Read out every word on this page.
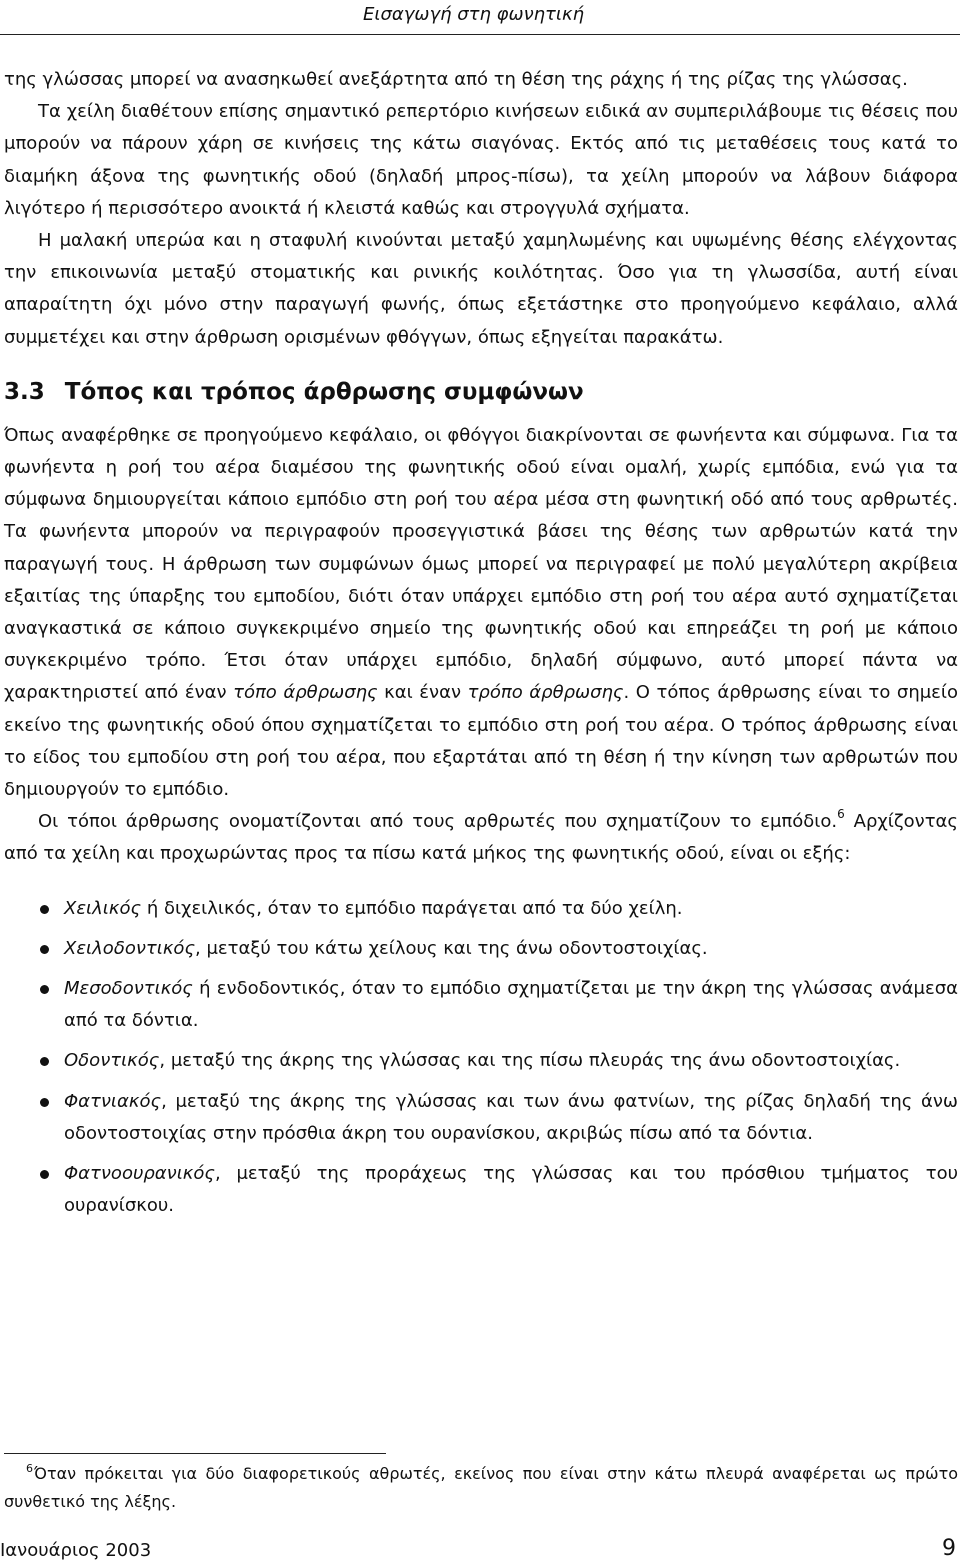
Εισαγωγή στη φωνητική

της γλώσσας μπορεί να ανασηκωθεί ανεξάρτητα από τη θέση της ράχης ή της ρίζας της γλώσσας.

Τα χείλη διαθέτουν επίσης σημαντικό ρεπερτόριο κινήσεων ειδικά αν συμπεριλάβουμε τις θέσεις που μπορούν να πάρουν χάρη σε κινήσεις της κάτω σιαγόνας. Εκτός από τις μεταθέσεις τους κατά το διαμήκη άξονα της φωνητικής οδού (δηλαδή μπρος-πίσω), τα χείλη μπορούν να λάβουν διάφορα λιγότερο ή περισσότερο ανοικτά ή κλειστά καθώς και στρογγυλά σχήματα.

Η μαλακή υπερώα και η σταφυλή κινούνται μεταξύ χαμηλωμένης και υψωμένης θέσης ελέγχοντας την επικοινωνία μεταξύ στοματικής και ρινικής κοιλότητας. Όσο για τη γλωσσίδα, αυτή είναι απαραίτητη όχι μόνο στην παραγωγή φωνής, όπως εξετάστηκε στο προηγούμενο κεφάλαιο, αλλά συμμετέχει και στην άρθρωση ορισμένων φθόγγων, όπως εξηγείται παρακάτω.

3.3 Τόπος και τρόπος άρθρωσης συμφώνων

Όπως αναφέρθηκε σε προηγούμενο κεφάλαιο, οι φθόγγοι διακρίνονται σε φωνήεντα και σύμφωνα. Για τα φωνήεντα η ροή του αέρα διαμέσου της φωνητικής οδού είναι ομαλή, χωρίς εμπόδια, ενώ για τα σύμφωνα δημιουργείται κάποιο εμπόδιο στη ροή του αέρα μέσα στη φωνητική οδό από τους αρθρωτές. Τα φωνήεντα μπορούν να περιγραφούν προσεγγιστικά βάσει της θέσης των αρθρωτών κατά την παραγωγή τους. Η άρθρωση των συμφώνων όμως μπορεί να περιγραφεί με πολύ μεγαλύτερη ακρίβεια εξαιτίας της ύπαρξης του εμποδίου, διότι όταν υπάρχει εμπόδιο στη ροή του αέρα αυτό σχηματίζεται αναγκαστικά σε κάποιο συγκεκριμένο σημείο της φωνητικής οδού και επηρεάζει τη ροή με κάποιο συγκεκριμένο τρόπο. Έτσι όταν υπάρχει εμπόδιο, δηλαδή σύμφωνο, αυτό μπορεί πάντα να χαρακτηριστεί από έναν τόπο άρθρωσης και έναν τρόπο άρθρωσης. Ο τόπος άρθρωσης είναι το σημείο εκείνο της φωνητικής οδού όπου σχηματίζεται το εμπόδιο στη ροή του αέρα. Ο τρόπος άρθρωσης είναι το είδος του εμποδίου στη ροή του αέρα, που εξαρτάται από τη θέση ή την κίνηση των αρθρωτών που δημιουργούν το εμπόδιο.

Οι τόποι άρθρωσης ονοματίζονται από τους αρθρωτές που σχηματίζουν το εμπόδιο.$^6$ Αρχίζοντας από τα χείλη και προχωρώντας προς τα πίσω κατά μήκος της φωνητικής οδού, είναι οι εξής:

Χειλικός ή διχειλικός, όταν το εμπόδιο παράγεται από τα δύο χείλη.
Χειλοδοντικός, μεταξύ του κάτω χείλους και της άνω οδοντοστοιχίας.
Μεσοδοντικός ή ενδοδοντικός, όταν το εμπόδιο σχηματίζεται με την άκρη της γλώσσας ανάμεσα από τα δόντια.
Οδοντικός, μεταξύ της άκρης της γλώσσας και της πίσω πλευράς της άνω οδοντοστοιχίας.
Φατνιακός, μεταξύ της άκρης της γλώσσας και των άνω φατνίων, της ρίζας δηλαδή της άνω οδοντοστοιχίας στην πρόσθια άκρη του ουρανίσκου, ακριβώς πίσω από τα δόντια.
Φατνοουρανικός, μεταξύ της προράχεως της γλώσσας και του πρόσθιου τμήματος του ουρανίσκου.
$^6$Όταν πρόκειται για δύο διαφορετικούς αθρωτές, εκείνος που είναι στην κάτω πλευρά αναφέρεται ως πρώτο συνθετικό της λέξης.
Ιανουάριος 2003	9
